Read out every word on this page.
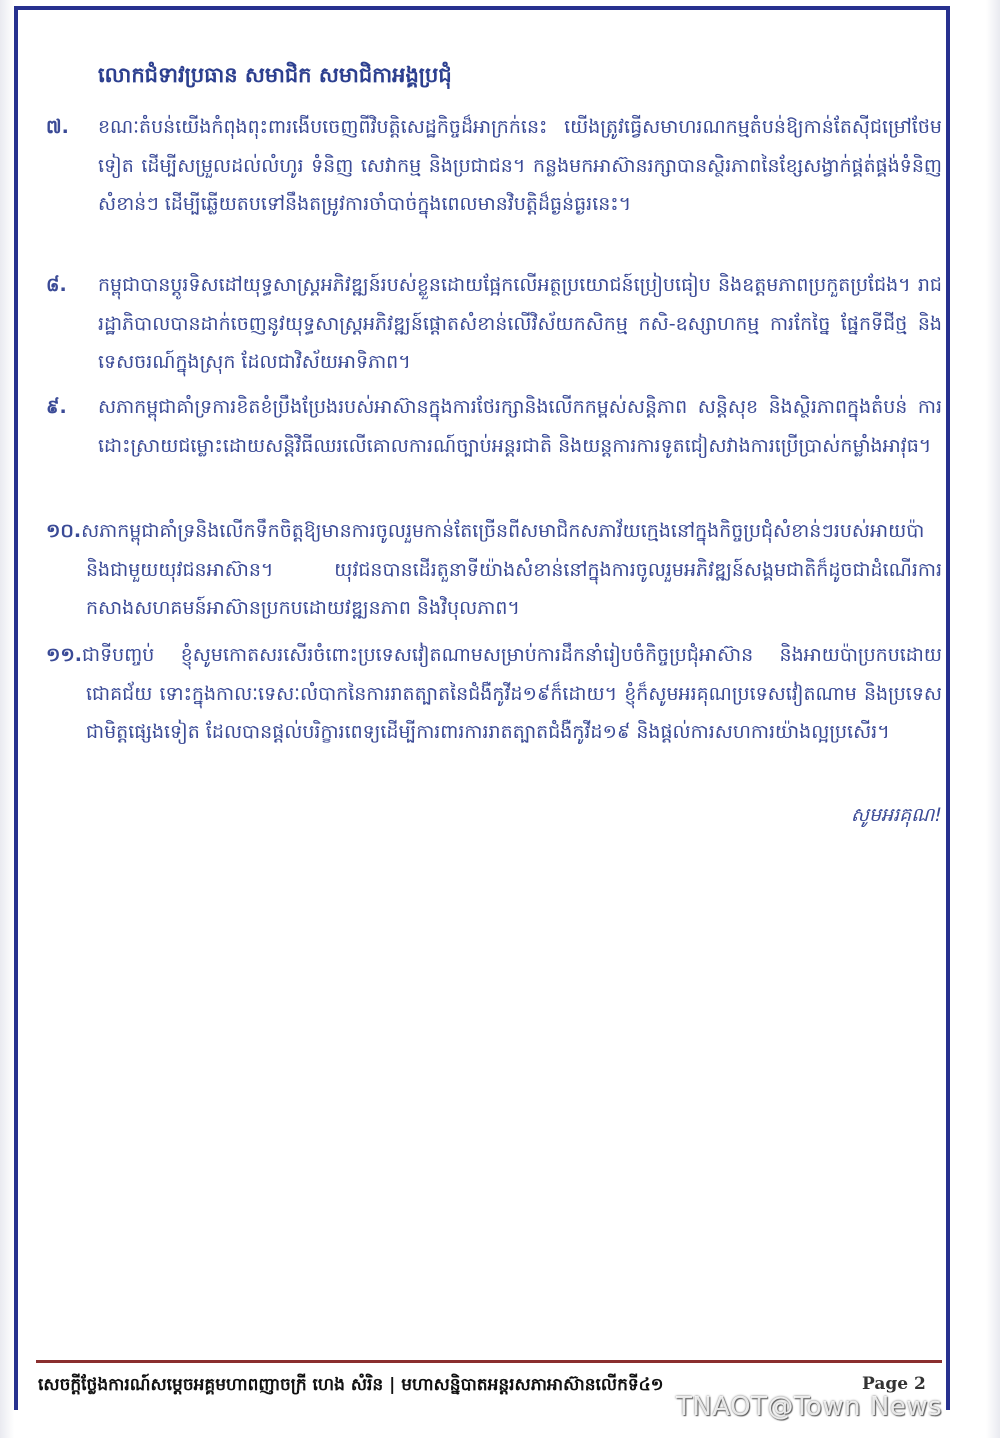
លោកជំទាវប្រធាន សមាជិក សមាជិកាអង្គប្រជុំ
៧. ខណៈតំបន់យើងកំពុងពុះពារងើបចេញពីវិបត្តិសេដ្ឋកិច្ចដ៏អាក្រក់នេះ យើងត្រូវធ្វើសមាហរណកម្មតំបន់ឱ្យកាន់តែស៊ីជម្រៅថែមទៀត ដើម្បីសម្រួលដល់លំហូរ ទំនិញ សេវាកម្ម និងប្រជាជន។ កន្លងមកអាស៊ានរក្សាបានស្ថិរភាពនៃខ្សែសង្វាក់ផ្គត់ផ្គង់ទំនិញសំខាន់ៗ ដើម្បីឆ្លើយតបទៅនឹងតម្រូវការចាំបាច់ក្នុងពេលមានវិបត្តិដ៏ធ្ងន់ធ្ងរនេះ។
៨. កម្ពុជាបានប្តូរទិសដៅយុទ្ធសាស្ត្រអភិវឌ្ឍន៍របស់ខ្លួនដោយផ្អែកលើអត្ថប្រយោជន៍ប្រៀបធៀប និងឧត្តមភាពប្រកួតប្រជែង។ រាជរដ្ឋាភិបាលបានដាក់ចេញនូវយុទ្ធសាស្ត្រអភិវឌ្ឍន៍ផ្តោតសំខាន់លើវិស័យកសិកម្ម កសិ-ឧស្សាហកម្ម ការកែច្នៃ ផ្នែកទីជីថ្ម និងទេសចរណ៍ក្នុងស្រុក ដែលជាវិស័យអាទិភាព។
៩. សភាកម្ពុជាគាំទ្រការខិតខំប្រឹងប្រែងរបស់អាស៊ានក្នុងការថែរក្សានិងលើកកម្ពស់សន្តិភាព សន្តិសុខ និងស្ថិរភាពក្នុងតំបន់ ការដោះស្រាយជម្លោះដោយសន្តិវិធីឈរលើគោលការណ៍ច្បាប់អន្តរជាតិ និងយន្តការការទូតជៀសវាងការប្រើប្រាស់កម្លាំងអាវុធ។
១០.សភាកម្ពុជាគាំទ្រនិងលើកទឹកចិត្តឱ្យមានការចូលរួមកាន់តែច្រើនពីសមាជិកសភាវ័យក្មេងនៅក្នុងកិច្ចប្រជុំសំខាន់ៗរបស់អាយប៉ា និងជាមួយយុវជនអាស៊ាន។ យុវជនបានដើរតួនាទីយ៉ាងសំខាន់នៅក្នុងការចូលរួមអភិវឌ្ឍន៍សង្គមជាតិក៏ដូចជាដំណើរការកសាងសហគមន៍អាស៊ានប្រកបដោយវឌ្ឍនភាព និងវិបុលភាព។
១១.ជាទីបញ្ចប់ ខ្ញុំសូមកោតសរសើរចំពោះប្រទេសវៀតណាមសម្រាប់ការដឹកនាំរៀបចំកិច្ចប្រជុំអាស៊ាន និងអាយប៉ាប្រកបដោយជោគជ័យ ទោះក្នុងកាលៈទេសៈលំបាកនៃការរាតត្បាតនៃជំងឺកូវីដ១៩ក៏ដោយ។ ខ្ញុំក៏សូមអរគុណប្រទេសវៀតណាម និងប្រទេសជាមិត្តផ្សេងទៀត ដែលបានផ្តល់បរិក្ខារពេទ្យដើម្បីការពារការរាតត្បាតជំងឺកូវីដ១៩ និងផ្តល់ការសហការយ៉ាងល្អប្រសើរ។
សូមអរគុណ!
សេចក្តីថ្លែងការណ៍សម្តេចអគ្គមហាពញាចក្រី ហេង សំរិន | មហាសន្និបាតអន្តរសភាអាស៊ានលើកទី៤១	Page 2
TNAOT@Town News
